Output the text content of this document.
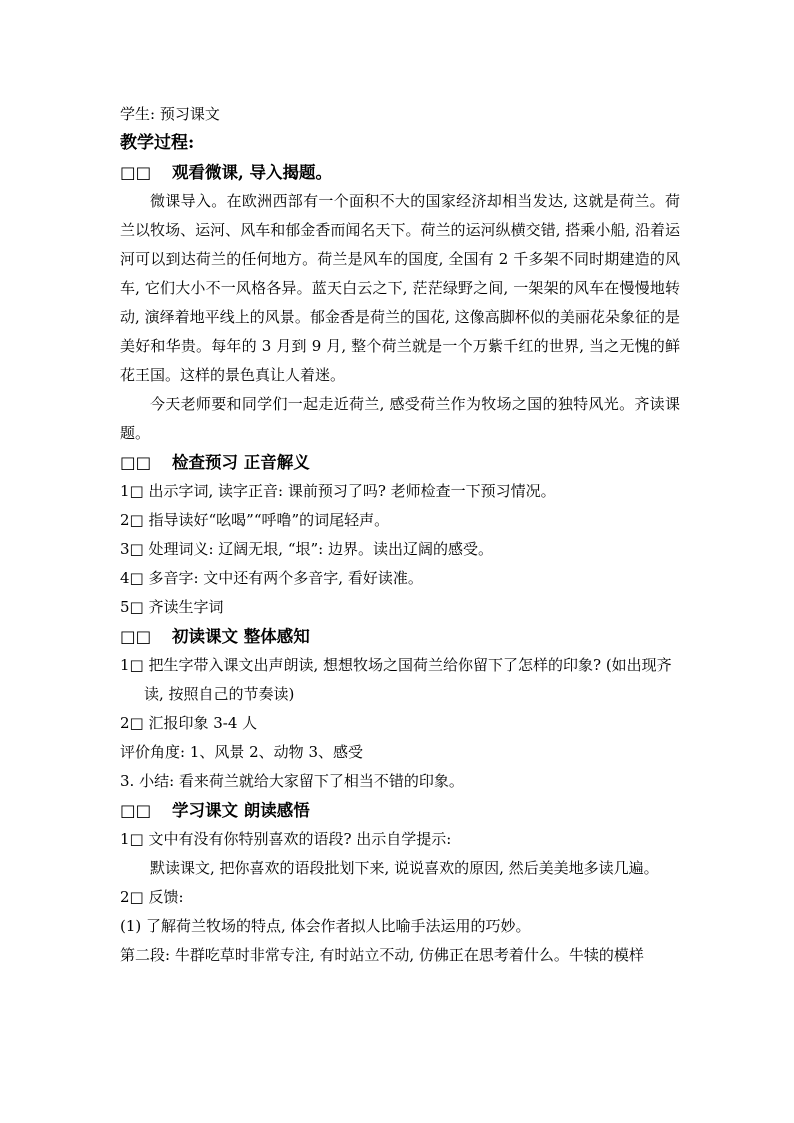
学生: 预习课文

教学过程:

□□ 观看微课, 导入揭题。

微课导入。在欧洲西部有一个面积不大的国家经济却相当发达, 这就是荷兰。荷兰以牧场、运河、风车和郁金香而闻名天下。荷兰的运河纵横交错, 搭乘小船, 沿着运河可以到达荷兰的任何地方。荷兰是风车的国度, 全国有 2 千多架不同时期建造的风车, 它们大小不一风格各异。蓝天白云之下, 茫茫绿野之间, 一架架的风车在慢慢地转动, 演绎着地平线上的风景。郁金香是荷兰的国花, 这像高脚杯似的美丽花朵象征的是美好和华贵。每年的 3 月到 9 月, 整个荷兰就是一个万紫千红的世界, 当之无愧的鲜花王国。这样的景色真让人着迷。

今天老师要和同学们一起走近荷兰, 感受荷兰作为牧场之国的独特风光。齐读课题。

□□ 检查预习 正音解义

1□ 出示字词, 读字正音: 课前预习了吗? 老师检查一下预习情况。

2□ 指导读好“吆喝”“呼噜”的词尾轻声。

3□ 处理词义: 辽阔无垠, “垠”: 边界。读出辽阔的感受。

4□ 多音字: 文中还有两个多音字, 看好读准。

5□ 齐读生字词

□□ 初读课文 整体感知

1□ 把生字带入课文出声朗读, 想想牧场之国荷兰给你留下了怎样的印象? (如出现齐读, 按照自己的节奏读)

2□ 汇报印象 3-4 人

评价角度: 1、风景 2、动物 3、感受

3. 小结: 看来荷兰就给大家留下了相当不错的印象。

□□ 学习课文 朗读感悟

1□ 文中有没有你特别喜欢的语段? 出示自学提示:

默读课文, 把你喜欢的语段批划下来, 说说喜欢的原因, 然后美美地多读几遍。

2□ 反馈:

(1) 了解荷兰牧场的特点, 体会作者拟人比喻手法运用的巧妙。

第二段: 牛群吃草时非常专注, 有时站立不动, 仿佛正在思考着什么。牛犊的模样
